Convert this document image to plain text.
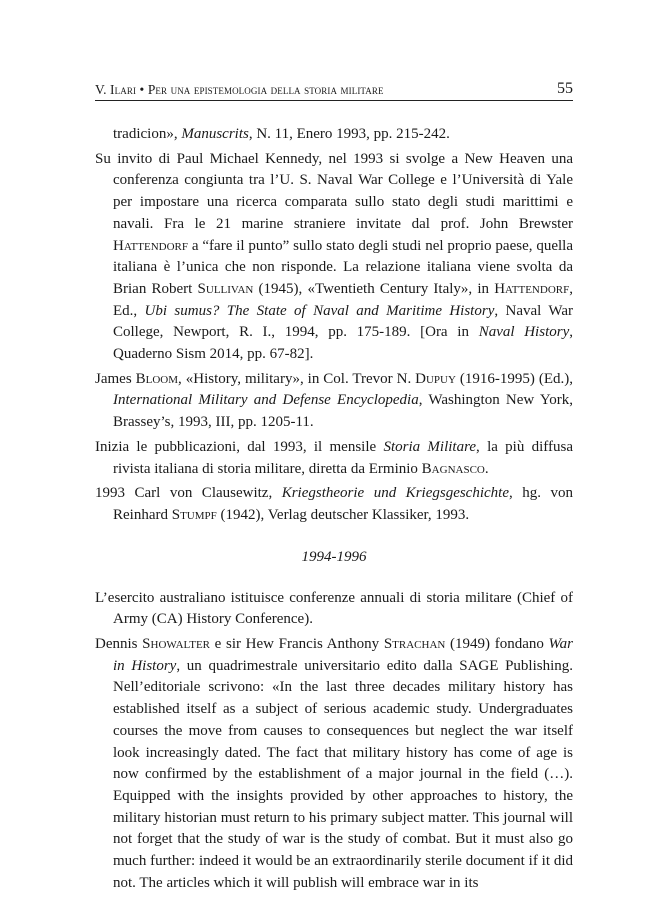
V. Ilari • Per una epistemologia della storia militare	55

tradicion», Manuscrits, N. 11, Enero 1993, pp. 215-242.

Su invito di Paul Michael Kennedy, nel 1993 si svolge a New Heaven una conferenza congiunta tra l’U. S. Naval War College e l’Università di Yale per impostare una ricerca comparata sullo stato degli studi marittimi e navali. Fra le 21 marine straniere invitate dal prof. John Brewster Hattendorf a “fare il punto” sullo stato degli studi nel proprio paese, quella italiana è l’unica che non risponde. La relazione italiana viene svolta da Brian Robert Sullivan (1945), «Twentieth Century Italy», in Hattendorf, Ed., Ubi sumus? The State of Naval and Maritime History, Naval War College, Newport, R. I., 1994, pp. 175-189. [Ora in Naval History, Quaderno Sism 2014, pp. 67-82].

James Bloom, «History, military», in Col. Trevor N. Dupuy (1916-1995) (Ed.), International Military and Defense Encyclopedia, Washington New York, Brassey’s, 1993, III, pp. 1205-11.

Inizia le pubblicazioni, dal 1993, il mensile Storia Militare, la più diffusa rivista italiana di storia militare, diretta da Erminio Bagnasco.

1993 Carl von Clausewitz, Kriegstheorie und Kriegsgeschichte, hg. von Reinhard Stumpf (1942), Verlag deutscher Klassiker, 1993.

1994-1996

L’esercito australiano istituisce conferenze annuali di storia militare (Chief of Army (CA) History Conference).

Dennis Showalter e sir Hew Francis Anthony Strachan (1949) fondano War in History, un quadrimestrale universitario edito dalla SAGE Publishing. Nell’editoriale scrivono: «In the last three decades military history has established itself as a subject of serious academic study. Undergraduates courses the move from causes to consequences but neglect the war itself look increasingly dated. The fact that military history has come of age is now confirmed by the establishment of a major journal in the field (…). Equipped with the insights provided by other approaches to history, the military historian must return to his primary subject matter. This journal will not forget that the study of war is the study of combat. But it must also go much further: indeed it would be an extraordinarily sterile document if it did not. The articles which it will publish will embrace war in its
